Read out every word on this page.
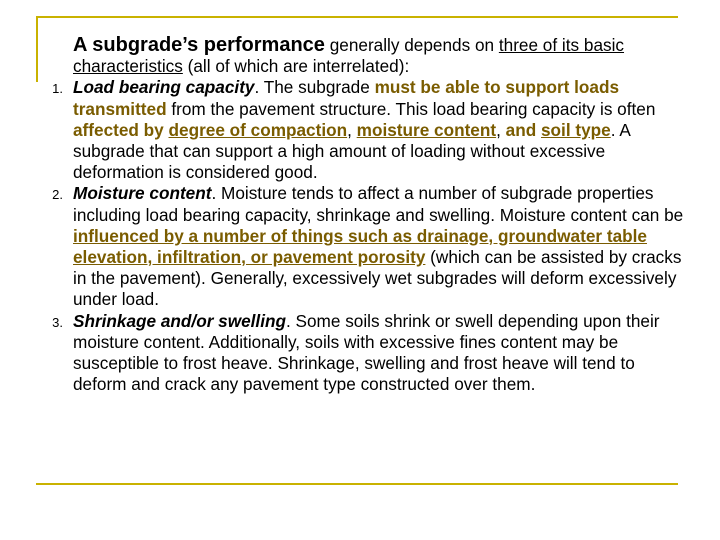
A subgrade’s performance generally depends on three of its basic characteristics (all of which are interrelated):

1. Load bearing capacity. The subgrade must be able to support loads transmitted from the pavement structure. This load bearing capacity is often affected by degree of compaction, moisture content, and soil type. A subgrade that can support a high amount of loading without excessive deformation is considered good.
2. Moisture content. Moisture tends to affect a number of subgrade properties including load bearing capacity, shrinkage and swelling. Moisture content can be influenced by a number of things such as drainage, groundwater table elevation, infiltration, or pavement porosity (which can be assisted by cracks in the pavement). Generally, excessively wet subgrades will deform excessively under load.
3. Shrinkage and/or swelling. Some soils shrink or swell depending upon their moisture content. Additionally, soils with excessive fines content may be susceptible to frost heave. Shrinkage, swelling and frost heave will tend to deform and crack any pavement type constructed over them.
